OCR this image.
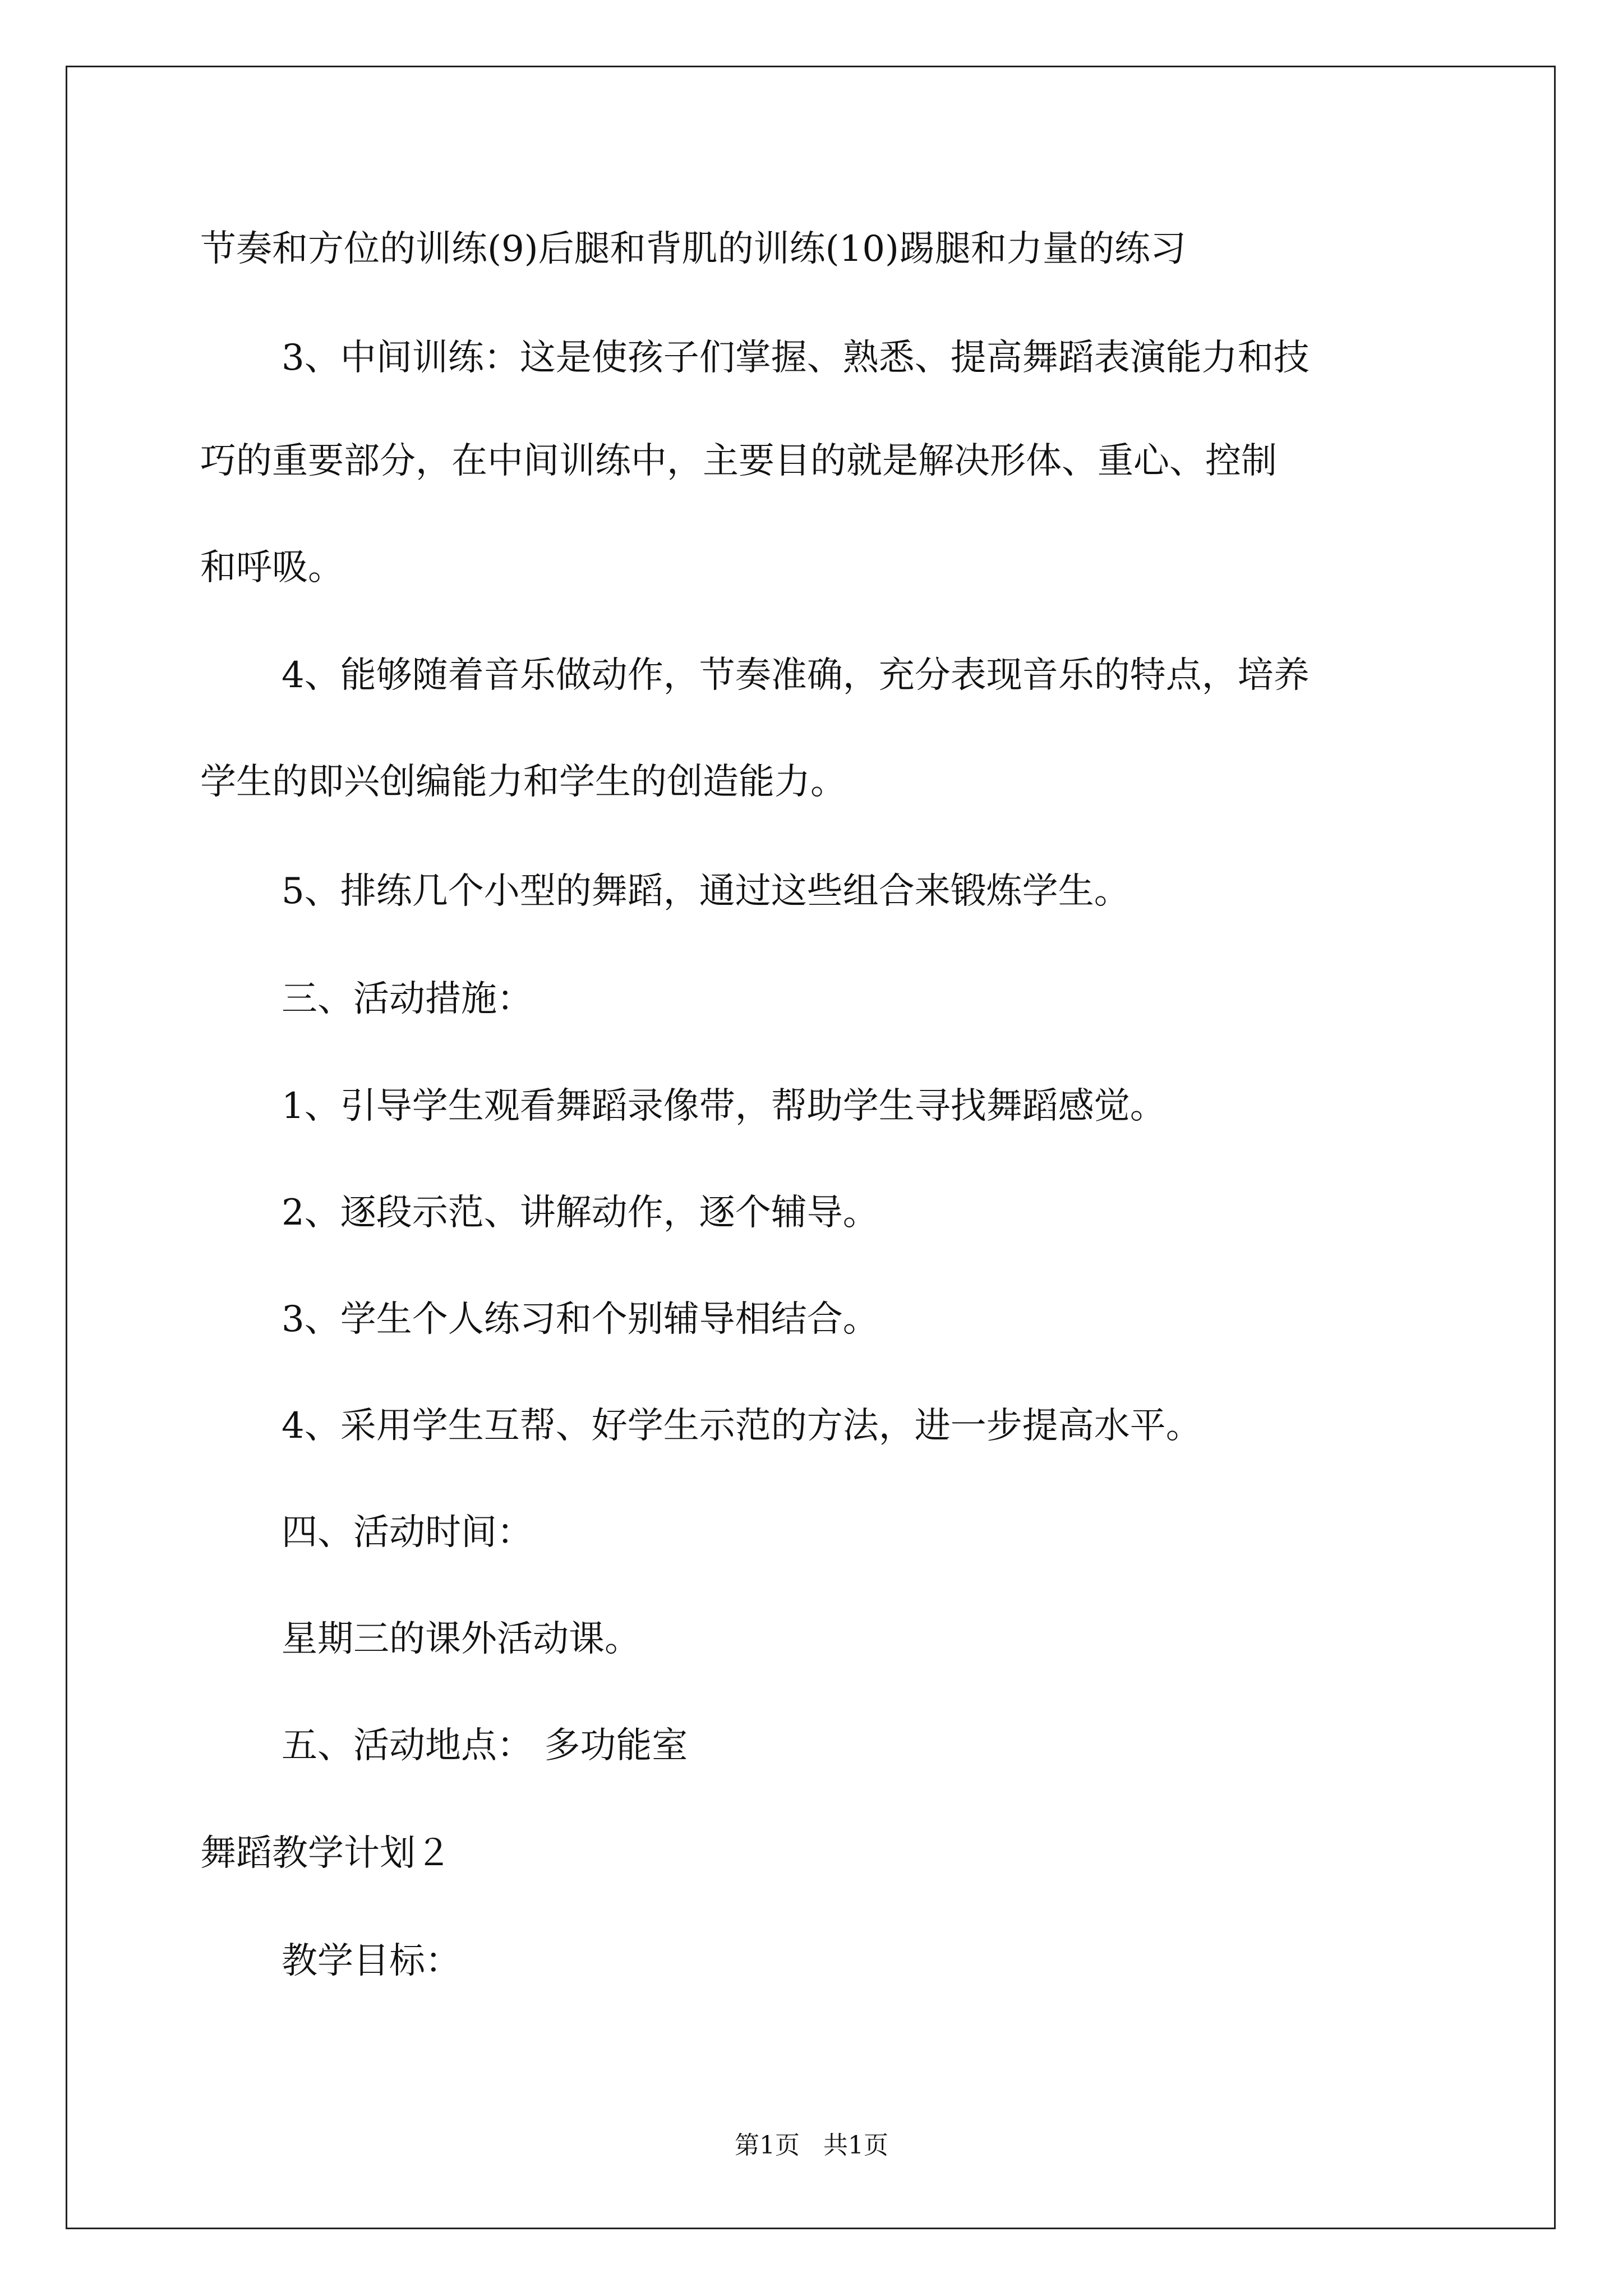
节奏和方位的训练(9)后腿和背肌的训练(10)踢腿和力量的练习
3、中间训练：这是使孩子们掌握、熟悉、提高舞蹈表演能力和技
巧的重要部分，在中间训练中，主要目的就是解决形体、重心、控制
和呼吸。
4、能够随着音乐做动作，节奏准确，充分表现音乐的特点，培养
学生的即兴创编能力和学生的创造能力。
5、排练几个小型的舞蹈，通过这些组合来锻炼学生。
三、活动措施：
1、引导学生观看舞蹈录像带，帮助学生寻找舞蹈感觉。
2、逐段示范、讲解动作，逐个辅导。
3、学生个人练习和个别辅导相结合。
4、采用学生互帮、好学生示范的方法，进一步提高水平。
四、活动时间：
星期三的课外活动课。
五、活动地点： 多功能室
舞蹈教学计划２
教学目标：
第1页   共1页
